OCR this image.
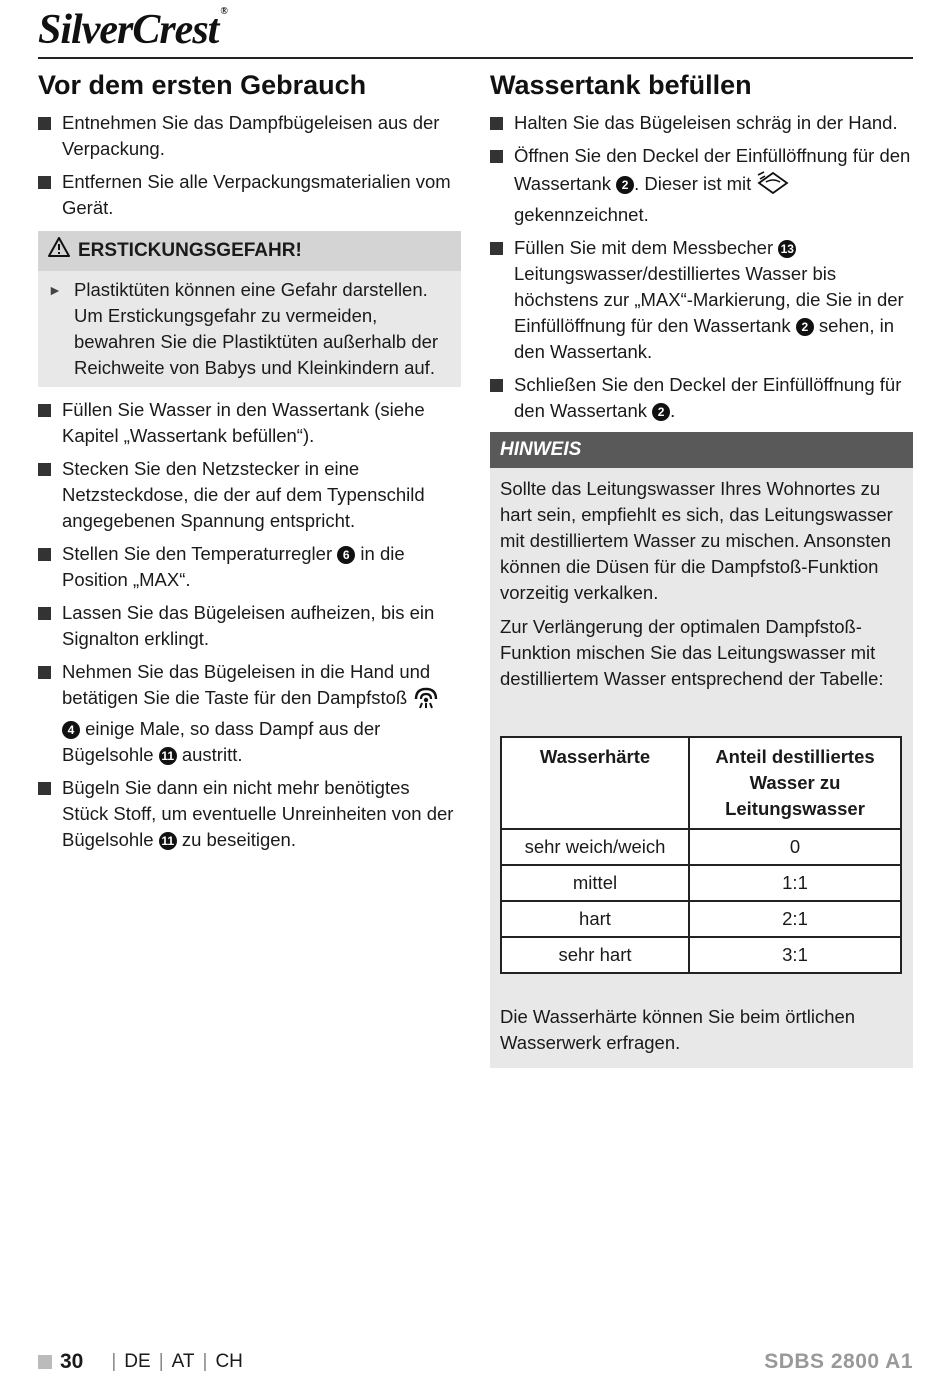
SilverCrest ®
Vor dem ersten Gebrauch
Entnehmen Sie das Dampfbügeleisen aus der Verpackung.
Entfernen Sie alle Verpackungsmaterialien vom Gerät.
ERSTICKUNGSGEFAHR!
► Plastiktüten können eine Gefahr darstellen. Um Erstickungsgefahr zu vermeiden, bewahren Sie die Plastiktüten außerhalb der Reichweite von Babys und Kleinkindern auf.
Füllen Sie Wasser in den Wassertank (siehe Kapitel „Wassertank befüllen“).
Stecken Sie den Netzstecker in eine Netzsteckdose, die der auf dem Typenschild angegebenen Spannung entspricht.
Stellen Sie den Temperaturregler 6 in die Position „MAX“.
Lassen Sie das Bügeleisen aufheizen, bis ein Signalton erklingt.
Nehmen Sie das Bügeleisen in die Hand und betätigen Sie die Taste für den Dampfstoß  4 einige Male, so dass Dampf aus der Bügelsohle 11 austritt.
Bügeln Sie dann ein nicht mehr benötigtes Stück Stoff, um eventuelle Unreinheiten von der Bügelsohle 11 zu beseitigen.
Wassertank befüllen
Halten Sie das Bügeleisen schräg in der Hand.
Öffnen Sie den Deckel der Einfüllöffnung für den Wassertank 2 . Dieser ist mit  gekennzeichnet.
Füllen Sie mit dem Messbecher 13 Leitungswasser/destilliertes Wasser bis höchstens zur „MAX“-Markierung, die Sie in der Einfüllöffnung für den Wassertank 2 sehen, in den Wassertank.
Schließen Sie den Deckel der Einfüllöffnung für den Wassertank 2 .
HINWEIS

Sollte das Leitungswasser Ihres Wohnortes zu hart sein, empfiehlt es sich, das Leitungswasser mit destilliertem Wasser zu mischen. Ansonsten können die Düsen für die Dampfstoß-Funktion vorzeitig verkalken.

Zur Verlängerung der optimalen Dampfstoß-Funktion mischen Sie das Leitungswasser mit destilliertem Wasser entsprechend der Tabelle:

Wasserhärte	Anteil destilliertes Wasser zu Leitungswasser
sehr weich/weich	0
mittel	1:1
hart	2:1
sehr hart	3:1

Die Wasserhärte können Sie beim örtlichen Wasserwerk erfragen.

30 | DE | AT | CH	SDBS 2800 A1
